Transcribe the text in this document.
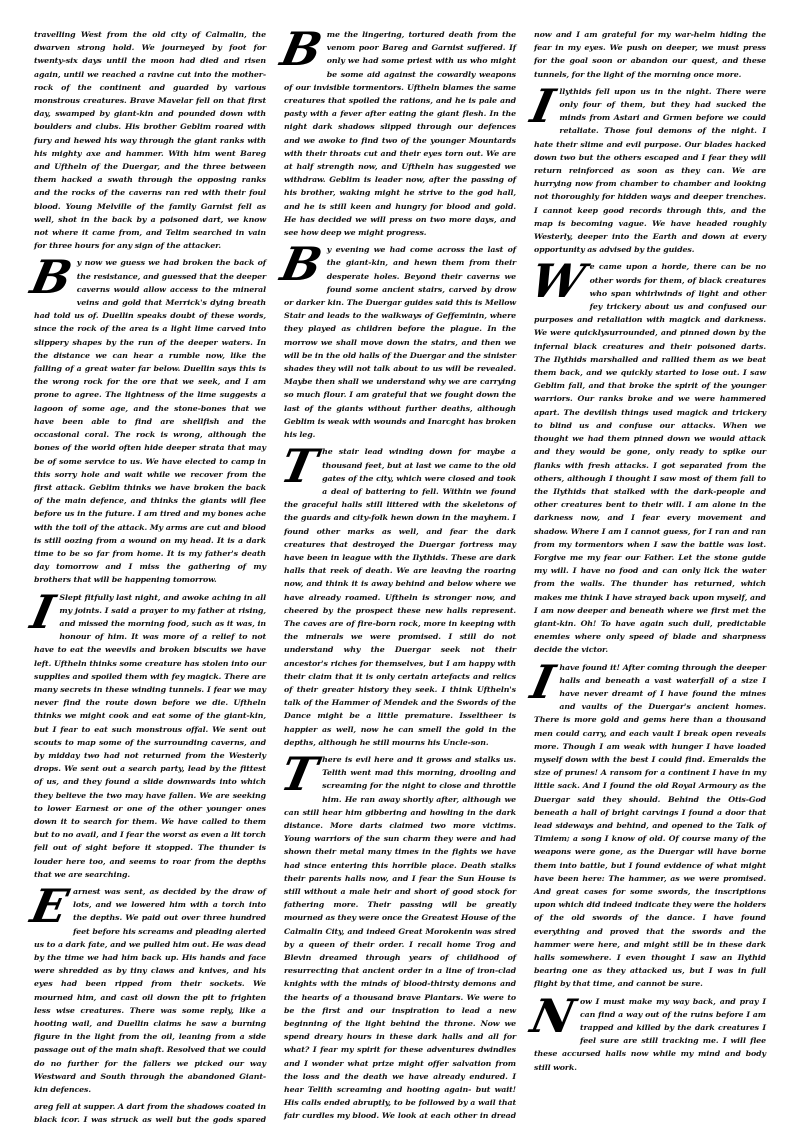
travelling West from the old city of Calmalin, the dwarven strong hold. We journeyed by foot for twenty-six days until the moon had died and risen again, until we reached a ravine cut into the mother-rock of the continent and guarded by various monstrous creatures. Brave Mavelar fell on that first day, swamped by giant-kin and pounded down with boulders and clubs. His brother Geblim roared with fury and hewed his way through the giant ranks with his mighty axe and hammer. With him went Bareg and Uftheln of the Duergar, and the three between them hacked a swath through the opposing ranks and the rocks of the caverns ran red with their foul blood. Young Melville of the family Garnist fell as well, shot in the back by a poisoned dart, we know not where it came from, and Telim searched in vain for three hours for any sign of the attacker.

By now we guess we had broken the back of the resistance, and guessed that the deeper caverns would allow access to the mineral veins and gold that Merrick's dying breath had told us of. Duellin speaks doubt of these words, since the rock of the area is a light lime carved into slippery shapes by the run of the deeper waters. In the distance we can hear a rumble now, like the falling of a great water far below. Duellin says this is the wrong rock for the ore that we seek, and I am prone to agree. The lightness of the lime suggests a lagoon of some age, and the stone-bones that we have been able to find are shellfish and the occasional coral. The rock is wrong, although the bones of the world often hide deeper strata that may be of some service to us. We have elected to camp in this sorry hole and wait while we recover from the first attack. Geblim thinks we have broken the back of the main defence, and thinks the giants will flee before us in the future. I am tired and my bones ache with the toil of the attack. My arms are cut and blood is still oozing from a wound on my head. It is a dark time to be so far from home. It is my father's death day tomorrow and I miss the gathering of my brothers that will be happening tomorrow.

I Slept fitfully last night, and awoke aching in all my joints. I said a prayer to my father at rising, and missed the morning food, such as it was, in honour of him. It was more of a relief to not have to eat the weevils and broken biscuits we have left. Uftheln thinks some creature has stolen into our supplies and spoiled them with fey magick. There are many secrets in these winding tunnels. I fear we may never find the route down before we die. Uftheln thinks we might cook and eat some of the giant-kin, but I fear to eat such monstrous offal. We sent out scouts to map some of the surrounding caverns, and by midday two had not returned from the Westerly drops. We sent out a search party, lead by the fittest of us, and they found a slide downwards into which they believe the two may have fallen. We are seeking to lower Earnest or one of the other younger ones down it to search for them. We have called to them but to no avail, and I fear the worst as even a lit torch fell out of sight before it stopped. The thunder is louder here too, and seems to roar from the depths that we are searching.

Earnest was sent, as decided by the draw of lots, and we lowered him with a torch into the depths. We paid out over three hundred feet before his screams and pleading alerted us to a dark fate, and we pulled him out. He was dead by the time we had him back up. His hands and face were shredded as by tiny claws and knives, and his eyes had been ripped from their sockets. We mourned him, and cast oil down the pit to frighten less wise creatures. There was some reply, like a hooting wail, and Duellin claims he saw a burning figure in the light from the oil, leaning from a side passage out of the main shaft. Resolved that we could do no further for the fallers we picked our way Westward and South through the abandoned Giant-kin defences.

B
areg fell at supper. A dart from the shadows coated in black icor. I was struck as well but the gods spared me the lingering, tortured death from the venom poor Bareg and Garnist suffered. If only we had some priest with us who might be some aid against the cowardly weapons of our invisible tormentors. Uftheln blames the same creatures that spoiled the rations, and he is pale and pasty with a fever after eating the giant flesh. In the night dark shadows slipped through our defences and we awoke to find two of the younger Mountards with their throats cut and their eyes torn out. We are at half strength now, and Uftheln has suggested we withdraw. Geblim is leader now, after the passing of his brother, waking might he strive to the god hall, and he is still keen and hungry for blood and gold. He has decided we will press on two more days, and see how deep we might progress.

By evening we had come across the last of the giant-kin, and hewn them from their desperate holes. Beyond their caverns we found some ancient stairs, carved by drow or darker kin. The Duergar guides said this is Mellow Stair and leads to the walkways of Geffeminin, where they played as children before the plague. In the morrow we shall move down the stairs, and then we will be in the old halls of the Duergar and the sinister shades they will not talk about to us will be revealed. Maybe then shall we understand why we are carrying so much flour. I am grateful that we fought down the last of the giants without further deaths, although Geblim is weak with wounds and Inarcght has broken his leg.

The stair lead winding down for maybe a thousand feet, but at last we came to the old gates of the city, which were closed and took a deal of battering to fell. Within we found the graceful halls still littered with the skeletons of the guards and city-folk hewn down in the mayhem. I found other marks as well, and fear the dark creatures that destroyed the Duergar fortress may have been in league with the Ilythids. These are dark halls that reek of death. We are leaving the roaring now, and think it is away behind and below where we have already roamed. Uftheln is stronger now, and cheered by the prospect these new halls represent. The caves are of fire-born rock, more in keeping with the minerals we were promised. I still do not understand why the Duergar seek not their ancestor's riches for themselves, but I am happy with their claim that it is only certain artefacts and relics of their greater history they seek. I think Uftheln's talk of the Hammer of Mendek and the Swords of the Dance might be a little premature. Isseltheer is happier as well, now he can smell the gold in the depths, although he still mourns his Uncle-son.

There is evil here and it grows and stalks us. Telith went mad this morning, drooling and screaming for the night to close and throttle him. He ran away shortly after, although we can still hear him gibbering and howling in the dark distance. More darts claimed two more victims. Young warriors of the sun charm they were and had shown their metal many times in the fights we have had since entering this horrible place. Death stalks their parents halls now, and I fear the Sun House is still without a male heir and short of good stock for fathering more. Their passing will be greatly mourned as they were once the Greatest House of the Calmalin City, and indeed Great Morokenin was sired by a queen of their order. I recall home Trog and Blevin dreamed through years of childhood of resurrecting that ancient order in a line of iron-clad knights with the minds of blood-thirsty demons and the hearts of a thousand brave Plantars. We were to be the first and our inspiration to lead a new beginning of the light behind the throne. Now we spend dreary hours in these dark halls and all for what? I fear my spirit for these adventures dwindles and I wonder what prize might offer salvation from the loss and the death we have already endured. I hear Telith screaming and hooting again- but wait! His calls ended abruptly, to be followed by a wail that fair curdles my blood. We look at each other in dread now and I am grateful for my war-helm hiding the fear in my eyes. We push on deeper, we must press for the goal soon or abandon our quest, and these tunnels, for the light of the morning once more.

Illythids fell upon us in the night. There were only four of them, but they had sucked the minds from Astari and Grmen before we could retaliate. Those foul demons of the night. I hate their slime and evil purpose. Our blades hacked down two but the others escaped and I fear they will return reinforced as soon as they can. We are hurrying now from chamber to chamber and looking not thoroughly for hidden ways and deeper trenches. I cannot keep good records through this, and the map is becoming vague. We have headed roughly Westerly, deeper into the Earth and down at every opportunity as advised by the guides.

We came upon a horde, there can be no other words for them, of black creatures who span whirlwinds of light and other fey trickery about us and confused our purposes and retaliation with magick and darkness. We were quicklysurrounded, and pinned down by the infernal black creatures and their poisoned darts. The Ilythids marshalled and rallied them as we beat them back, and we quickly started to lose out. I saw Geblim fall, and that broke the spirit of the younger warriors. Our ranks broke and we were hammered apart. The devilish things used magick and trickery to blind us and confuse our attacks. When we thought we had them pinned down we would attack and they would be gone, only ready to spike our flanks with fresh attacks. I got separated from the others, although I thought I saw most of them fall to the Ilythids that stalked with the dark-people and other creatures bent to their will. I am alone in the darkness now, and I fear every movement and shadow. Where I am I cannot guess, for I ran and ran from my tormentors when I saw the battle was lost. Forgive me my fear our Father. Let the stone guide my will. I have no food and can only lick the water from the walls. The thunder has returned, which makes me think I have strayed back upon myself, and I am now deeper and beneath where we first met the giant-kin. Oh! To have again such dull, predictable enemies where only speed of blade and sharpness decide the victor.

I have found it! After coming through the deeper halls and beneath a vast waterfall of a size I have never dreamt of I have found the mines and vaults of the Duergar's ancient homes. There is more gold and gems here than a thousand men could carry, and each vault I break open reveals more. Though I am weak with hunger I have loaded myself down with the best I could find. Emeralds the size of prunes! A ransom for a continent I have in my little sack. And I found the old Royal Armoury as the Duergar said they should. Behind the Otis-God beneath a hall of bright carvings I found a door that lead sideways and behind, and opened to the Talk of Timiem; a song I know of old. Of course many of the weapons were gone, as the Duergar will have borne them into battle, but I found evidence of what might have been here: The hammer, as we were promised. And great cases for some swords, the inscriptions upon which did indeed indicate they were the holders of the old swords of the dance. I have found everything and proved that the swords and the hammer were here, and might still be in these dark halls somewhere. I even thought I saw an Ilythid bearing one as they attacked us, but I was in full flight by that time, and cannot be sure.

Now I must make my way back, and pray I can find a way out of the ruins before I am trapped and killed by the dark creatures I feel sure are still tracking me. I will flee these accursed halls now while my mind and body still work.
